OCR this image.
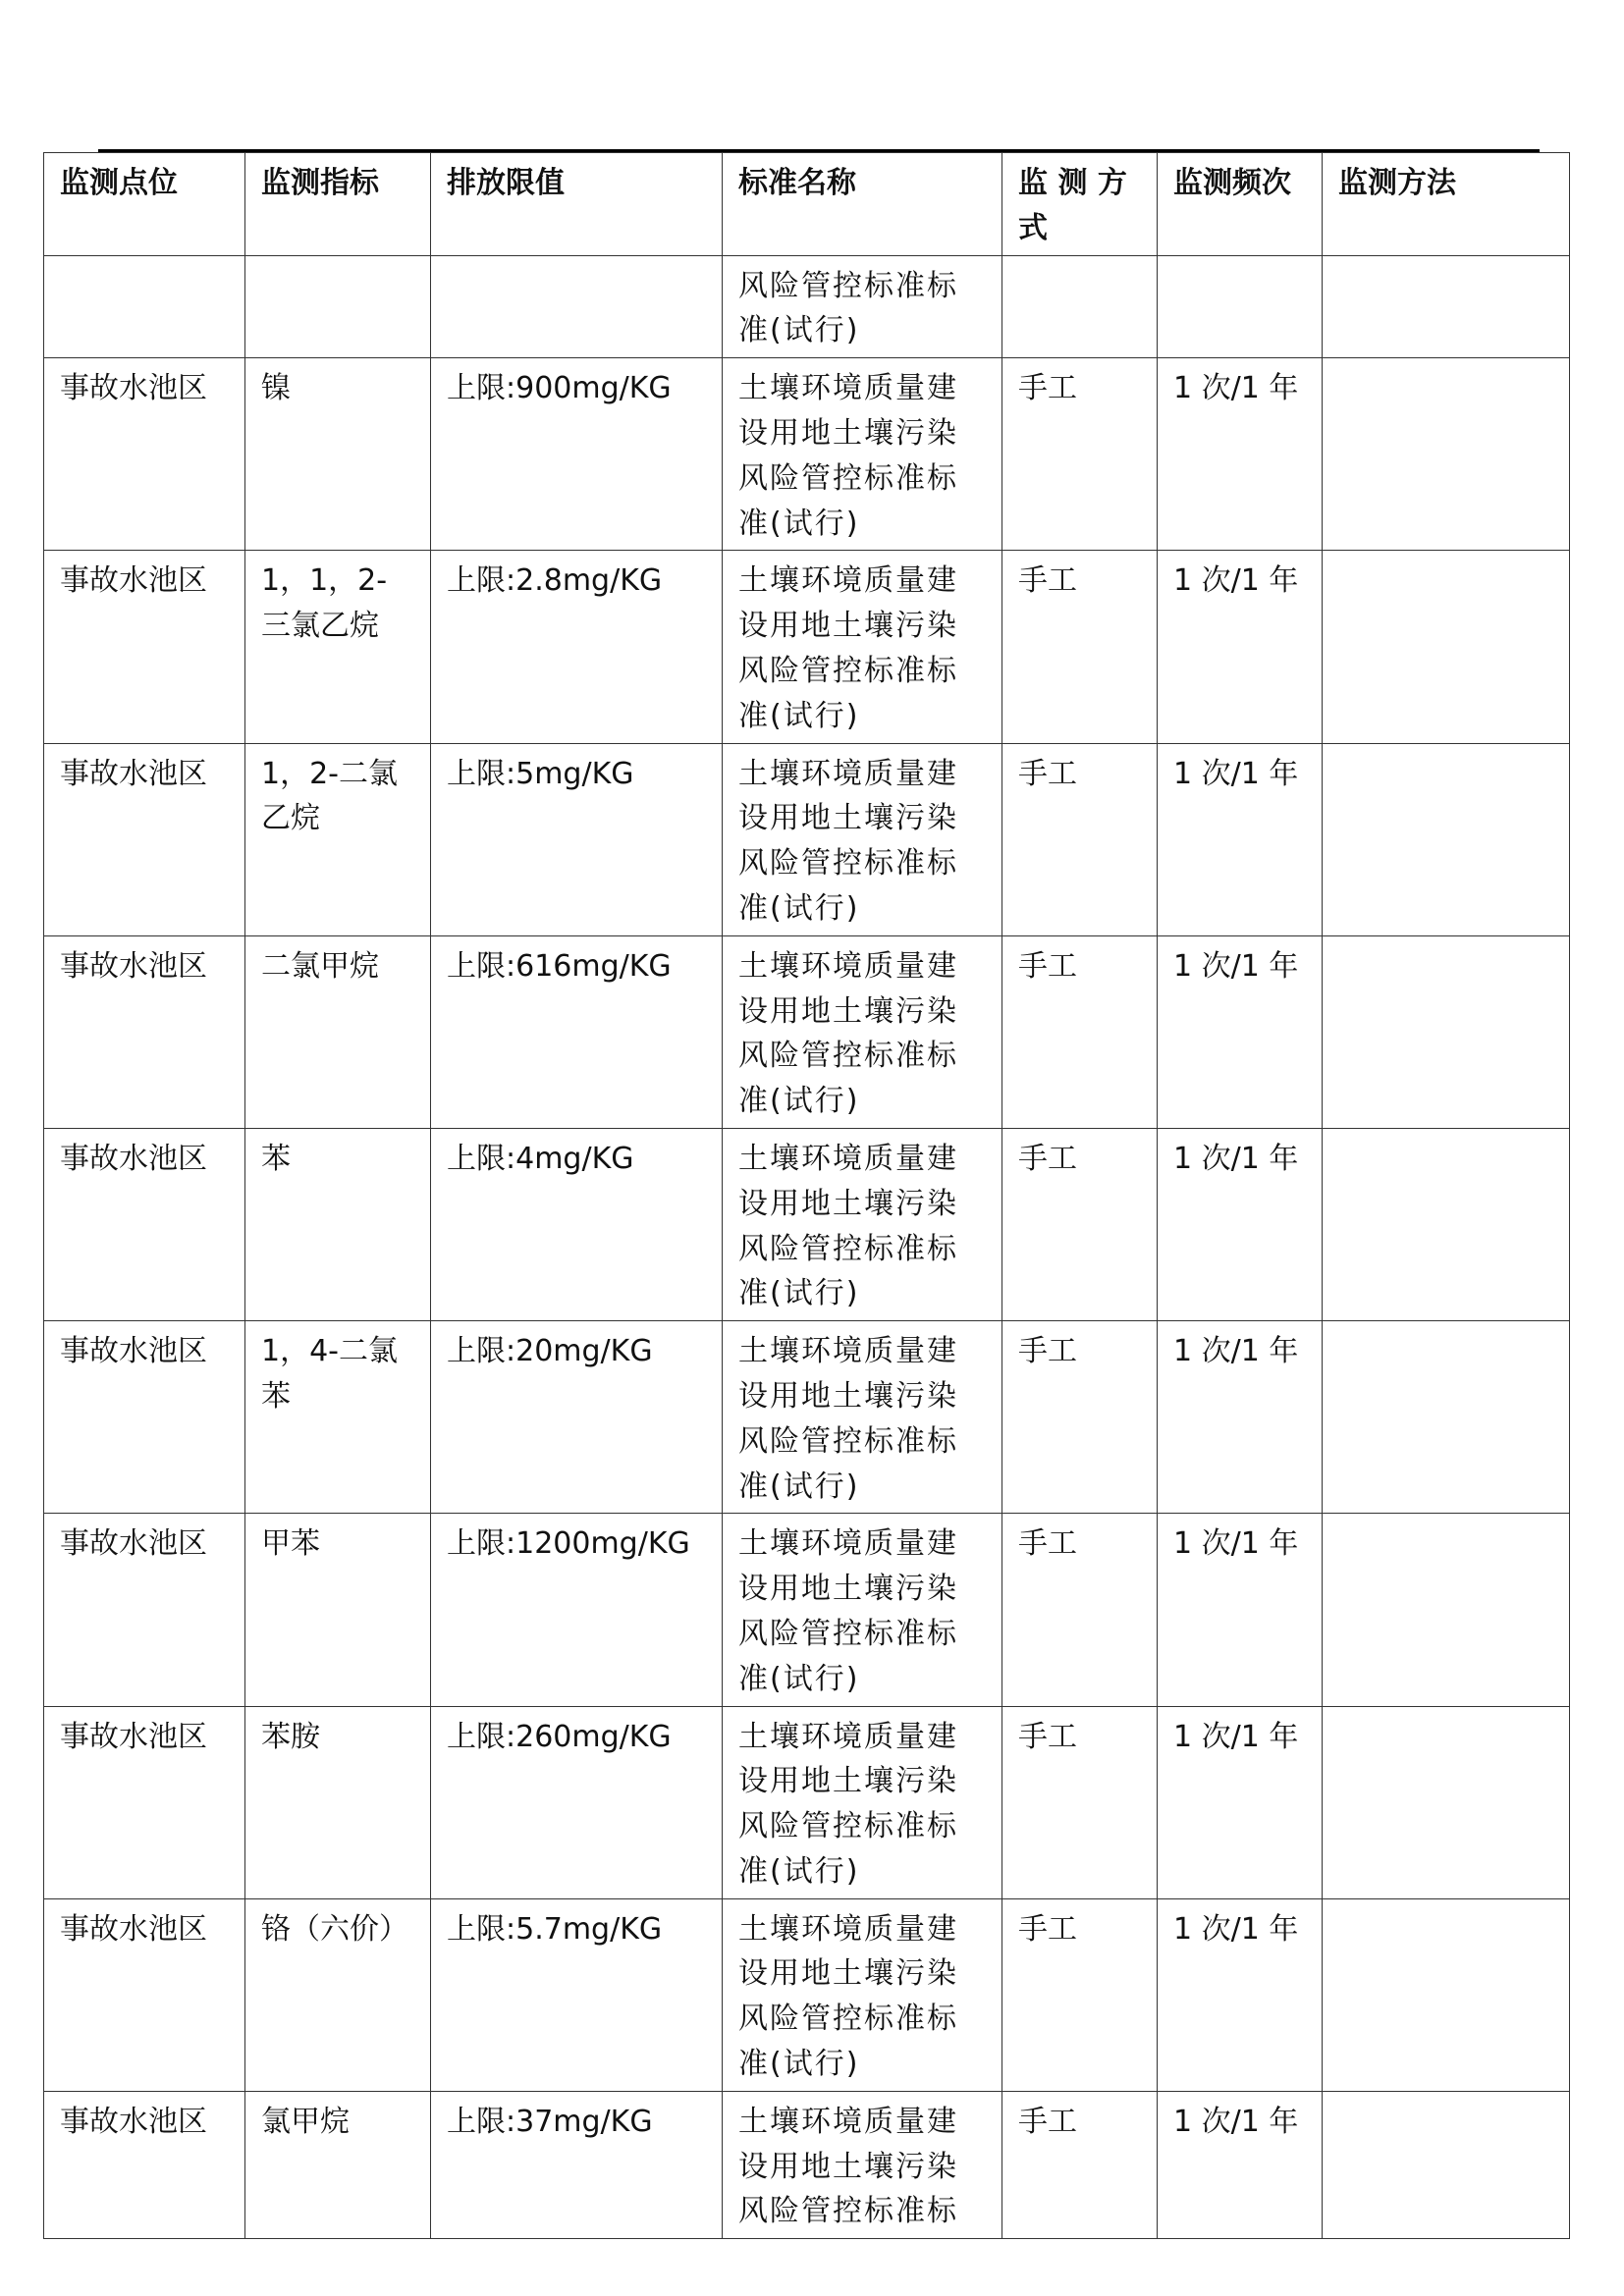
监测点位	监测指标	排放限值	标准名称	监 测 方 式	监测频次	监测方法
			风险管控标准标准(试行)			
事故水池区	镍	上限:900mg/KG	土壤环境质量建设用地土壤污染风险管控标准标准(试行)	手工	1 次/1 年	
事故水池区	1，1，2-三氯乙烷	上限:2.8mg/KG	土壤环境质量建设用地土壤污染风险管控标准标准(试行)	手工	1 次/1 年	
事故水池区	1，2-二氯乙烷	上限:5mg/KG	土壤环境质量建设用地土壤污染风险管控标准标准(试行)	手工	1 次/1 年	
事故水池区	二氯甲烷	上限:616mg/KG	土壤环境质量建设用地土壤污染风险管控标准标准(试行)	手工	1 次/1 年	
事故水池区	苯	上限:4mg/KG	土壤环境质量建设用地土壤污染风险管控标准标准(试行)	手工	1 次/1 年	
事故水池区	1，4-二氯苯	上限:20mg/KG	土壤环境质量建设用地土壤污染风险管控标准标准(试行)	手工	1 次/1 年	
事故水池区	甲苯	上限:1200mg/KG	土壤环境质量建设用地土壤污染风险管控标准标准(试行)	手工	1 次/1 年	
事故水池区	苯胺	上限:260mg/KG	土壤环境质量建设用地土壤污染风险管控标准标准(试行)	手工	1 次/1 年	
事故水池区	铬（六价）	上限:5.7mg/KG	土壤环境质量建设用地土壤污染风险管控标准标准(试行)	手工	1 次/1 年	
事故水池区	氯甲烷	上限:37mg/KG	土壤环境质量建设用地土壤污染风险管控标准标	手工	1 次/1 年	
